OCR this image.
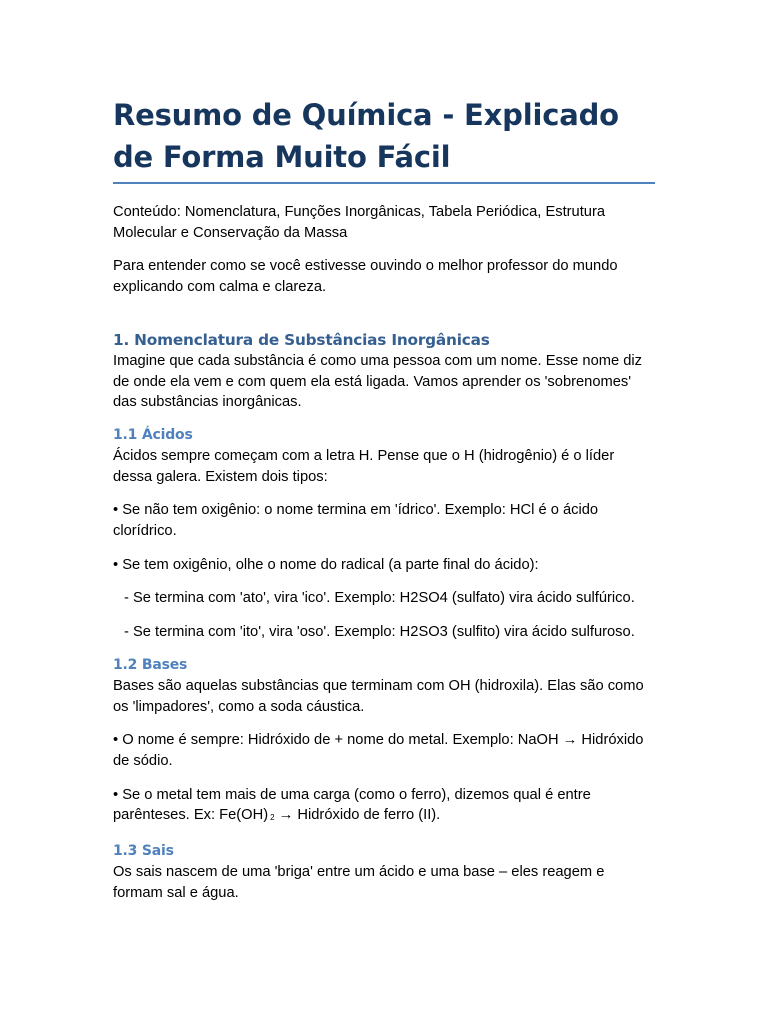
Resumo de Química - Explicado de Forma Muito Fácil

Conteúdo: Nomenclatura, Funções Inorgânicas, Tabela Periódica, Estrutura Molecular e Conservação da Massa

Para entender como se você estivesse ouvindo o melhor professor do mundo explicando com calma e clareza.

1. Nomenclatura de Substâncias Inorgânicas

Imagine que cada substância é como uma pessoa com um nome. Esse nome diz de onde ela vem e com quem ela está ligada. Vamos aprender os 'sobrenomes' das substâncias inorgânicas.

1.1 Ácidos

Ácidos sempre começam com a letra H. Pense que o H (hidrogênio) é o líder dessa galera. Existem dois tipos:

• Se não tem oxigênio: o nome termina em 'ídrico'. Exemplo: HCl é o ácido clorídrico.

• Se tem oxigênio, olhe o nome do radical (a parte final do ácido):

- Se termina com 'ato', vira 'ico'. Exemplo: H2SO4 (sulfato) vira ácido sulfúrico.

- Se termina com 'ito', vira 'oso'. Exemplo: H2SO3 (sulfito) vira ácido sulfuroso.

1.2 Bases

Bases são aquelas substâncias que terminam com OH (hidroxila). Elas são como os 'limpadores', como a soda cáustica.

• O nome é sempre: Hidróxido de + nome do metal. Exemplo: NaOH → Hidróxido de sódio.

• Se o metal tem mais de uma carga (como o ferro), dizemos qual é entre parênteses. Ex: Fe(OH) $_2$ → Hidróxido de ferro (II).

1.3 Sais

Os sais nascem de uma 'briga' entre um ácido e uma base – eles reagem e formam sal e água.
